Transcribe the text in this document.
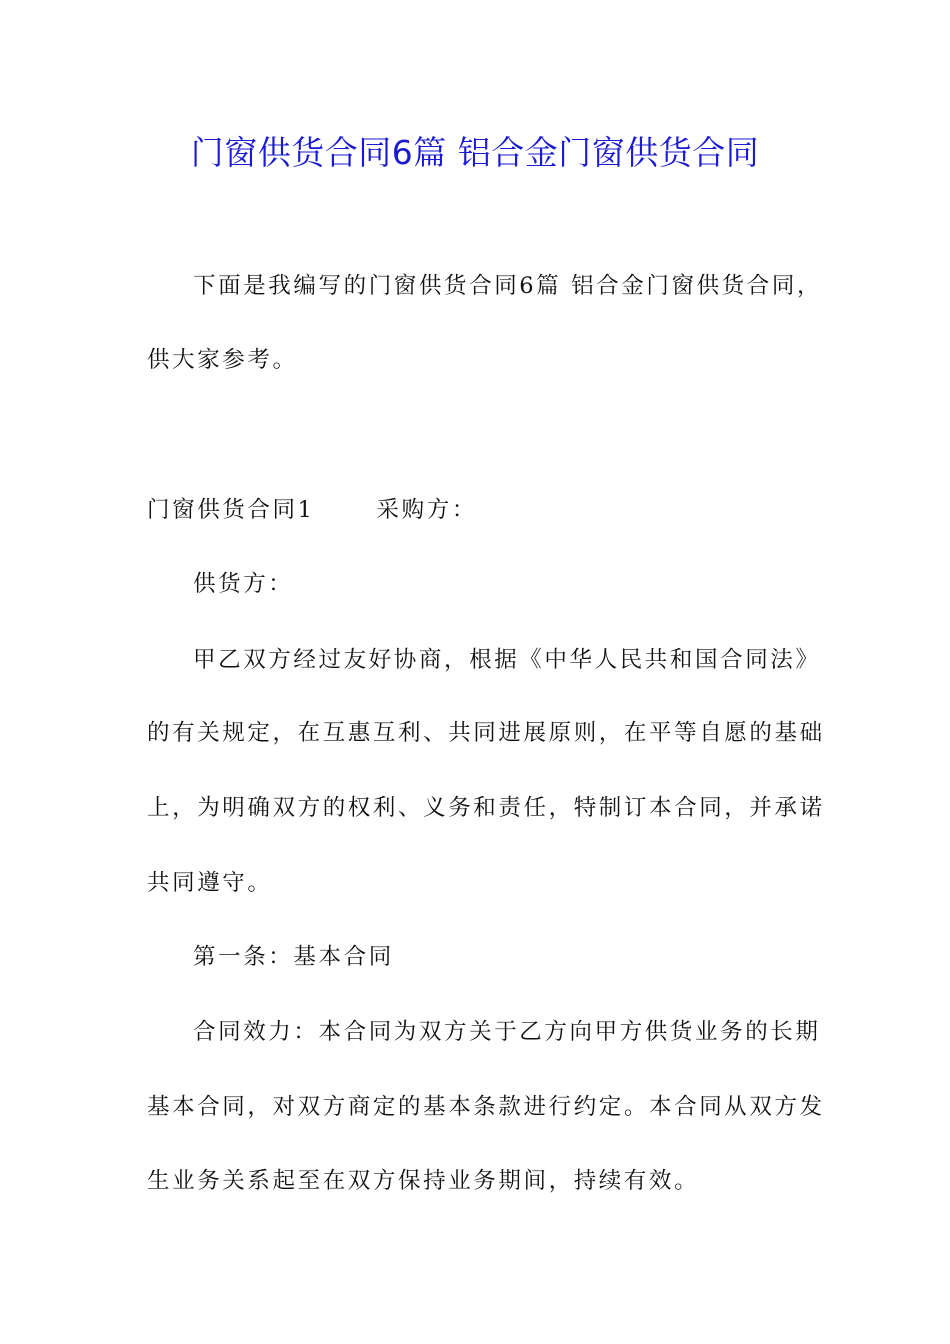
门窗供货合同6篇 铝合金门窗供货合同
下面是我编写的门窗供货合同6篇 铝合金门窗供货合同，
供大家参考。
门窗供货合同1	采购方：
供货方：
甲乙双方经过友好协商，根据《中华人民共和国合同法》
的有关规定，在互惠互利、共同进展原则，在平等自愿的基础
上，为明确双方的权利、义务和责任，特制订本合同，并承诺
共同遵守。
第一条：基本合同
合同效力：本合同为双方关于乙方向甲方供货业务的长期
基本合同，对双方商定的基本条款进行约定。本合同从双方发
生业务关系起至在双方保持业务期间，持续有效。
